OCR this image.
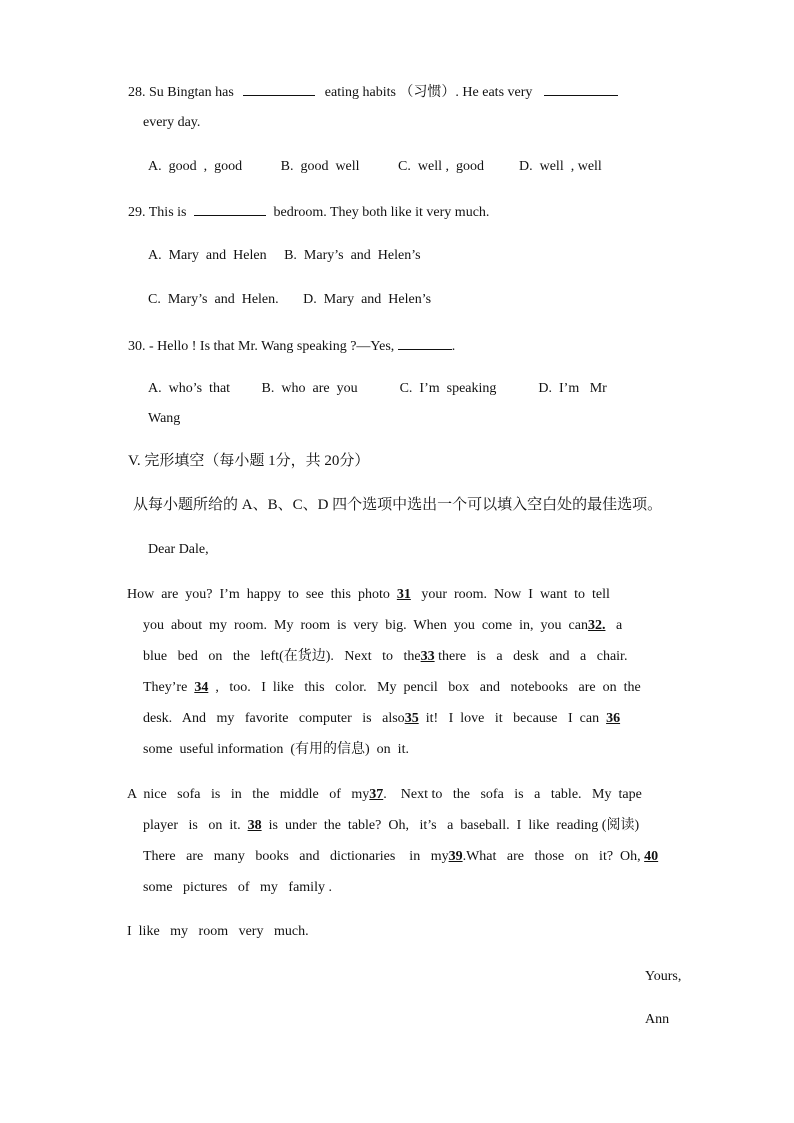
28. Su Bingtan has	eating habits （习惯）. He eats very
every day.
A.  good  ,  good           B.  good  well           C.  well ,  good          D.  well  , well
29. This is	bedroom. They both like it very much.
A.  Mary  and  Helen     B.  Mary’s  and  Helen’s
C.  Mary’s  and  Helen.       D.  Mary  and  Helen’s
30. - Hello ! Is that Mr. Wang speaking ?—Yes,	.
A.  who’s  that         B.  who  are  you            C.  I’m  speaking            D.  I’m   Mr
Wang
V. 完形填空（每小题 1分，共 20分）
从每小题所给的 A、B、C、D 四个选项中选出一个可以填入空白处的最佳选项。
Dear Dale,
How  are  you?  I’m  happy  to  see  this  photo 31 your  room.  Now  I  want  to  tell
you  about  my  room.  My  room  is  very  big.  When  you  come  in,  you  can32. a
blue   bed   on   the   left(在货边).   Next   to   the33 there   is   a   desk   and   a   chair.
They’re 34 ,   too.   I  like   this   color.   My  pencil   box   and   notebooks   are  on  the
desk.   And   my   favorite   computer   is   also35 it!   I  love   it   because   I  can 36
some  useful information  (有用的信息)  on  it.
A  nice   sofa   is   in   the   middle   of   my37.    Next to   the   sofa   is   a   table.   My  tape
player   is   on  it. 38 is  under  the  table?  Oh,   it’s   a  baseball.  I  like  reading (阅读)
There   are   many   books   and   dictionaries    in   my39.What   are   those   on   it?  Oh, 40
some   pictures   of   my   family .
I  like   my   room   very   much.
Yours,
Ann
